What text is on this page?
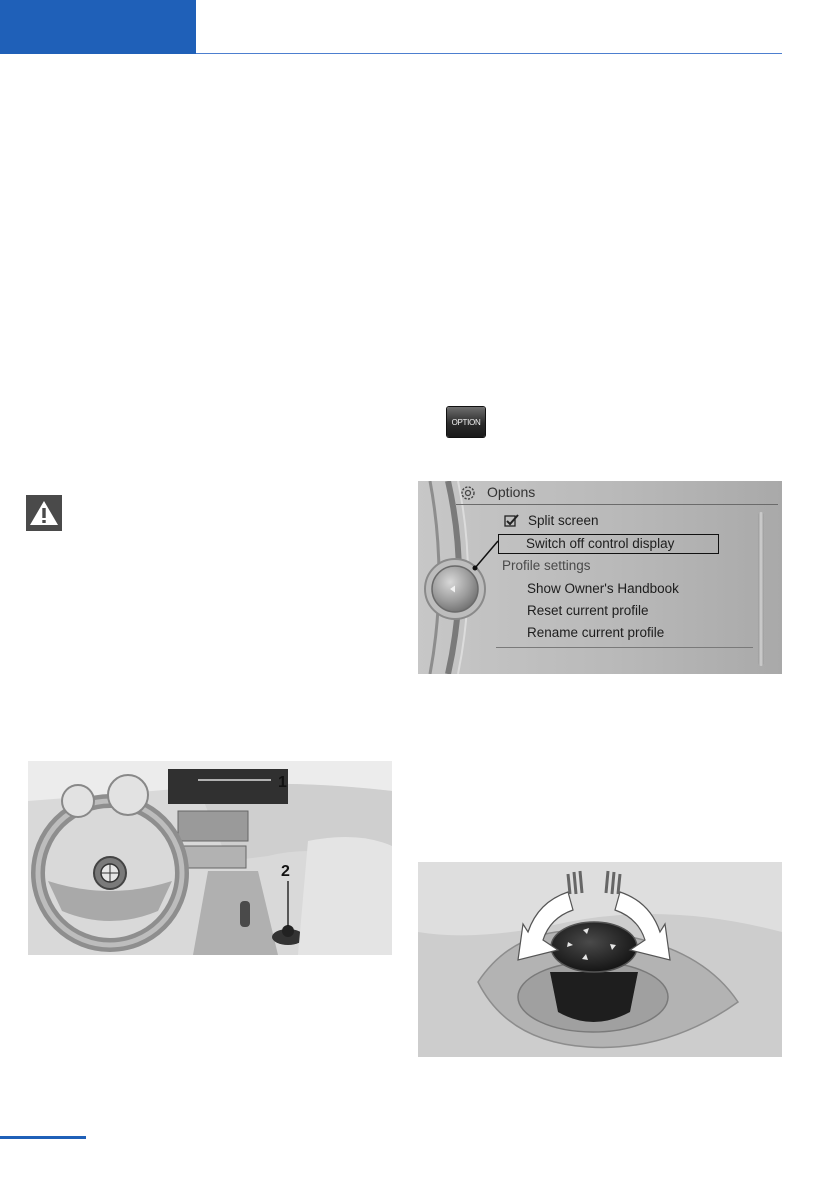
OPTION
Options
Split screen
Switch off control display
Profile settings
Show Owner's Handbook
Reset current profile
Rename current profile
1
2
